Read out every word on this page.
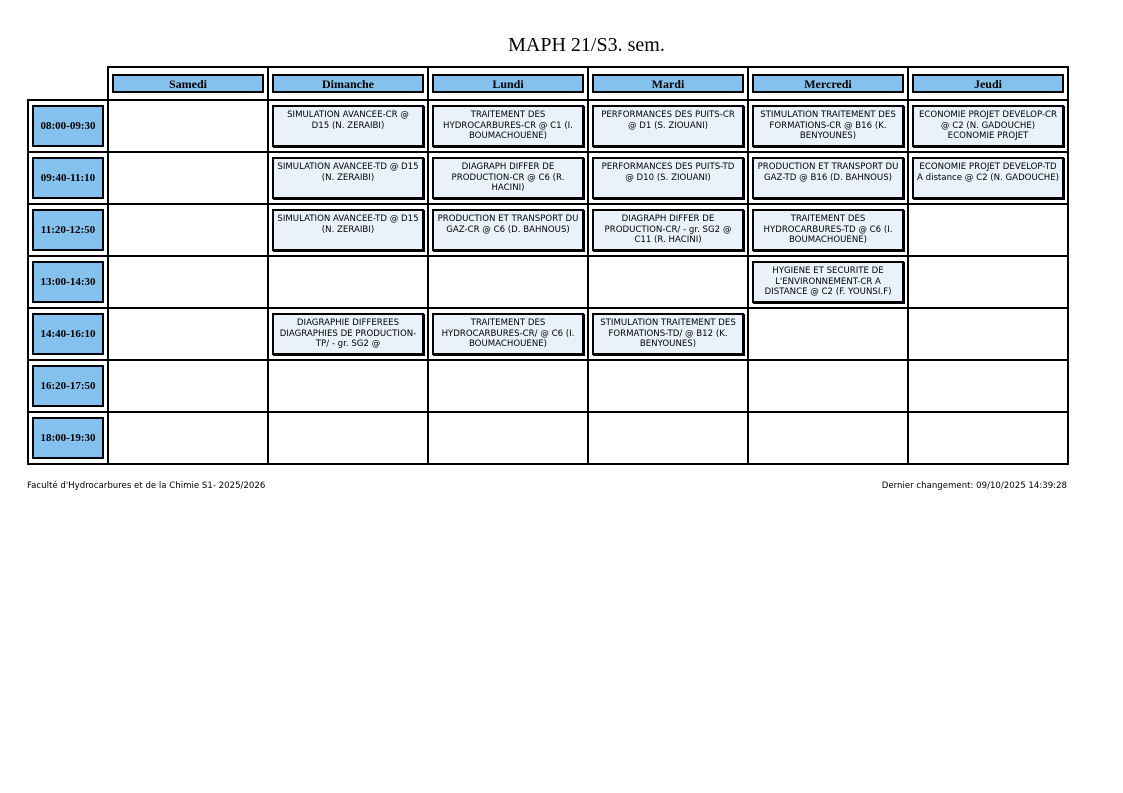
MAPH 21/S3. sem.

	Samedi	Dimanche	Lundi	Mardi	Mercredi	Jeudi

08:00-09:30		SIMULATION AVANCEE-CR @ D15 (N. ZERAIBI)	TRAITEMENT DES HYDROCARBURES-CR @ C1 (I. BOUMACHOUENE)	PERFORMANCES DES PUITS-CR @ D1 (S. ZIOUANI)	STIMULATION TRAITEMENT DES FORMATIONS-CR @ B16 (K. BENYOUNES)	ECONOMIE PROJET DEVELOP-CR @ C2 (N. GADOUCHE) ECONOMIE PROJET

09:40-11:10		SIMULATION AVANCEE-TD @ D15 (N. ZERAIBI)	DIAGRAPH DIFFER DE PRODUCTION-CR @ C6 (R. HACINI)	PERFORMANCES DES PUITS-TD @ D10 (S. ZIOUANI)	PRODUCTION ET TRANSPORT DU GAZ-TD @ B16 (D. BAHNOUS)	ECONOMIE PROJET DEVELOP-TD A distance @ C2 (N. GADOUCHE)

11:20-12:50		SIMULATION AVANCEE-TD @ D15 (N. ZERAIBI)	PRODUCTION ET TRANSPORT DU GAZ-CR @ C6 (D. BAHNOUS)	DIAGRAPH DIFFER DE PRODUCTION-CR/ - gr. SG2 @ C11 (R. HACINI)	TRAITEMENT DES HYDROCARBURES-TD @ C6 (I. BOUMACHOUENE)	

13:00-14:30					HYGIENE ET SECURITE DE L'ENVIRONNEMENT-CR A DISTANCE @ C2 (F. YOUNSI.F)	

14:40-16:10		DIAGRAPHIE DIFFEREES DIAGRAPHIES DE PRODUCTION-TP/ - gr. SG2 @	TRAITEMENT DES HYDROCARBURES-CR/ @ C6 (I. BOUMACHOUENE)	STIMULATION TRAITEMENT DES FORMATIONS-TD/ @ B12 (K. BENYOUNES)		

16:20-17:50						

18:00-19:30						

Faculté d'Hydrocarbures et de la Chimie S1- 2025/2026	Dernier changement: 09/10/2025 14:39:28
